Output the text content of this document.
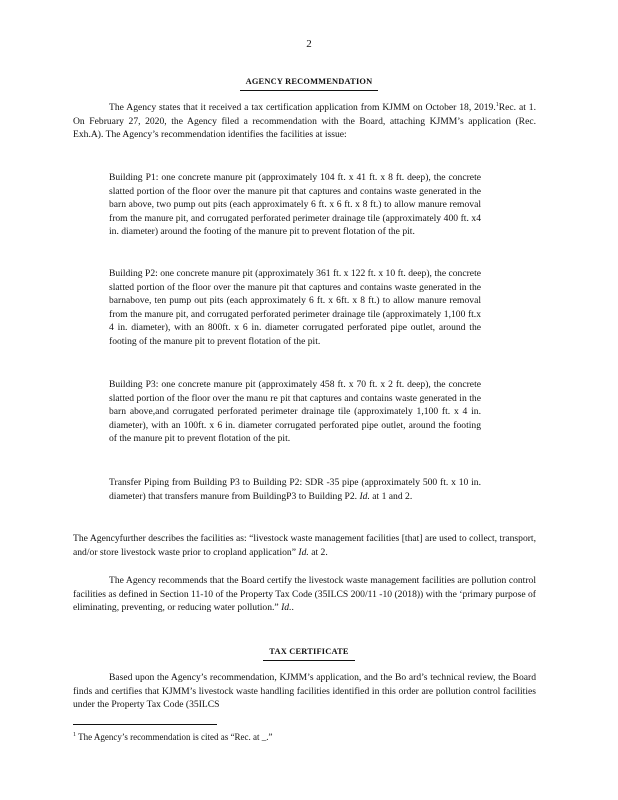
2
AGENCY RECOMMENDATION
The Agency states that it received a tax certification application from KJMM on October 18, 2019.$^1$Rec. at 1. On February 27, 2020, the Agency filed a recommendation with the Board, attaching KJMM’s application (Rec. Exh.A). The Agency’s recommendation identifies the facilities at issue:
Building P1: one concrete manure pit (approximately 104 ft. x 41 ft. x 8 ft. deep), the concrete slatted portion of the floor over the manure pit that captures and contains waste generated in the barn above, two pump out pits (each approximately 6 ft. x 6 ft. x 8 ft.) to allow manure removal from the manure pit, and corrugated perforated perimeter drainage tile (approximately 400 ft. x4 in. diameter) around the footing of the manure pit to prevent flotation of the pit.
Building P2: one concrete manure pit (approximately 361 ft. x 122 ft. x 10 ft. deep), the concrete slatted portion of the floor over the manure pit that captures and contains waste generated in the barnabove, ten pump out pits (each approximately 6 ft. x 6ft. x 8 ft.) to allow manure removal from the manure pit, and corrugated perforated perimeter drainage tile (approximately 1,100 ft.x 4 in. diameter), with an 800ft. x 6 in. diameter corrugated perforated pipe outlet, around the footing of the manure pit to prevent flotation of the pit.
Building P3: one concrete manure pit (approximately 458 ft. x 70 ft. x 2 ft. deep), the concrete slatted portion of the floor over the manu re pit that captures and contains waste generated in the barn above,and corrugated perforated perimeter drainage tile (approximately 1,100 ft. x 4 in. diameter), with an 100ft. x 6 in. diameter corrugated perforated pipe outlet, around the footing of the manure pit to prevent flotation of the pit.
Transfer Piping from Building P3 to Building P2: SDR -35 pipe (approximately 500 ft. x 10 in. diameter) that transfers manure from BuildingP3 to Building P2. Id. at 1 and 2.
The Agencyfurther describes the facilities as: “livestock waste management facilities [that] are used to collect, transport, and/or store livestock waste prior to cropland application” Id. at 2.
The Agency recommends that the Board certify the livestock waste management facilities are pollution control facilities as defined in Section 11-10 of the Property Tax Code (35ILCS 200/11 -10 (2018)) with the ‘primary purpose of eliminating, preventing, or reducing water pollution.” Id..
TAX CERTIFICATE
Based upon the Agency’s recommendation, KJMM’s application, and the Bo ard’s technical review, the Board finds and certifies that KJMM’s livestock waste handling facilities identified in this order are pollution control facilities under the Property Tax Code (35ILCS
$^1$ The Agency’s recommendation is cited as “Rec. at _.”
